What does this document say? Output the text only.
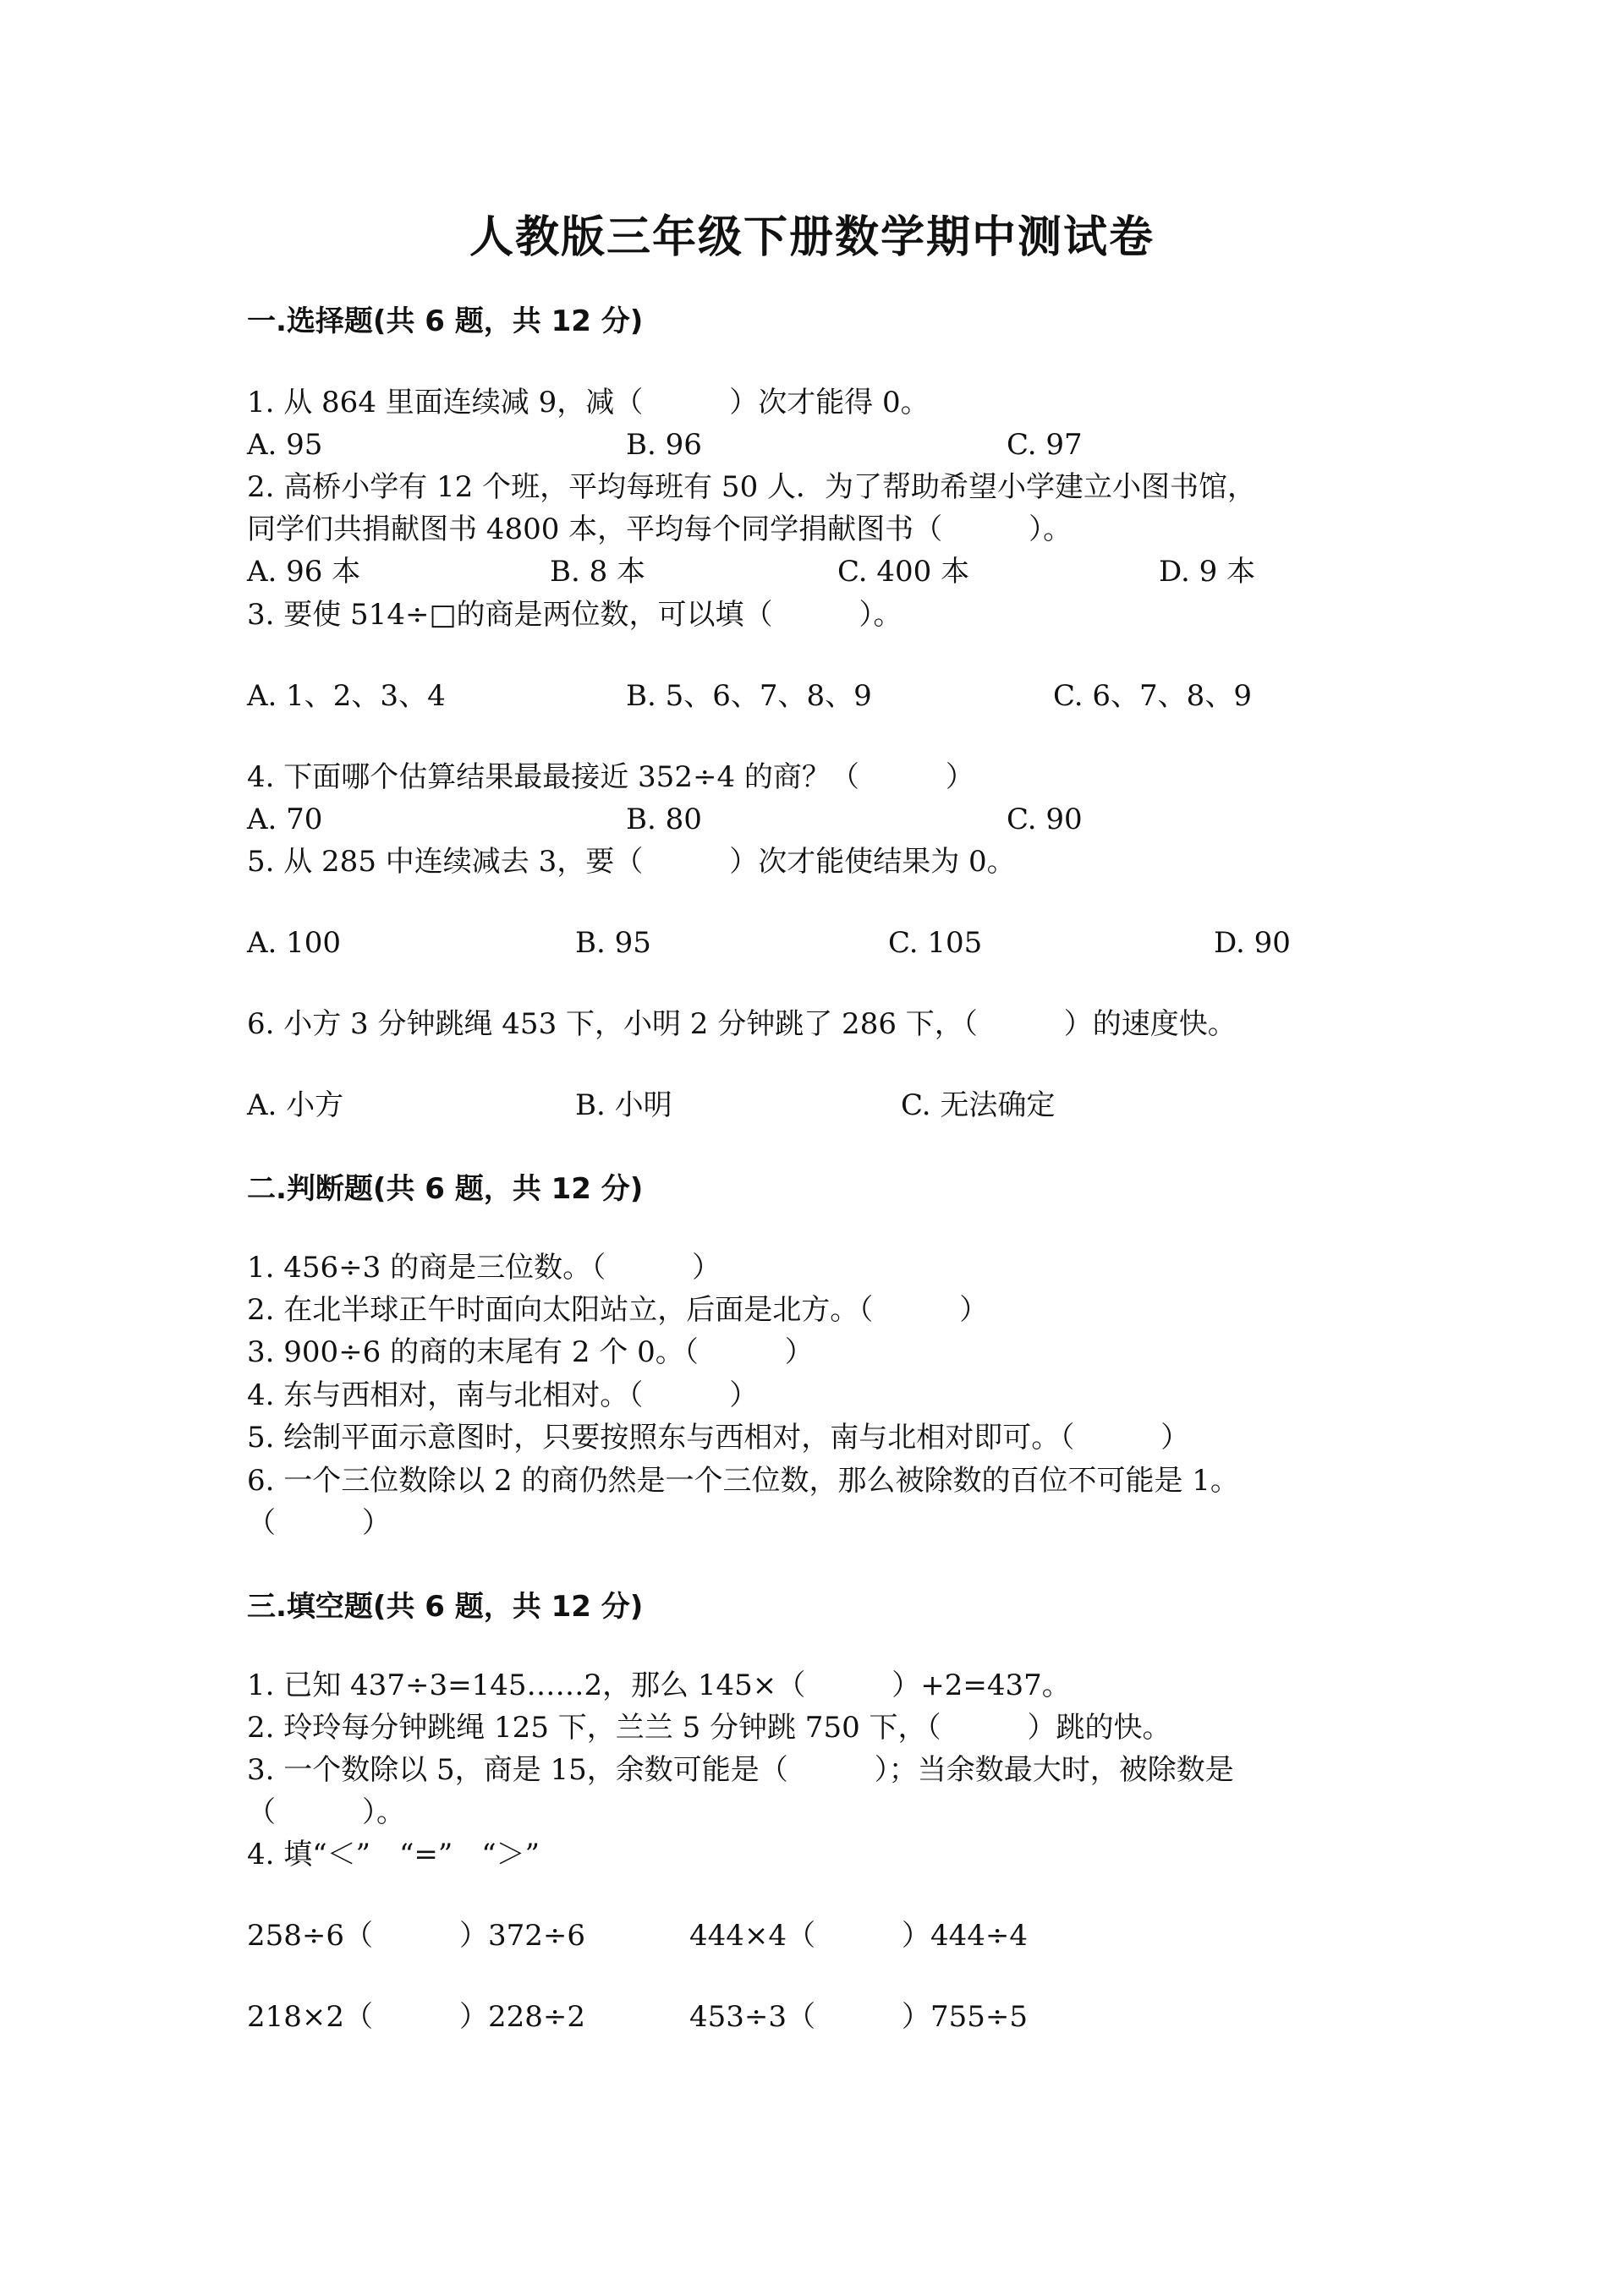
人教版三年级下册数学期中测试卷
一.选择题(共 6 题，共 12 分)
1. 从 864 里面连续减 9，减（　　　）次才能得 0。
A. 95	B. 96	C. 97
2. 高桥小学有 12 个班，平均每班有 50 人．为了帮助希望小学建立小图书馆，
同学们共捐献图书 4800 本，平均每个同学捐献图书（　　　）。
A. 96 本	B. 8 本	C. 400 本	D. 9 本
3. 要使 514÷□的商是两位数，可以填（　　　）。
A. 1、2、3、4	B. 5、6、7、8、9	C. 6、7、8、9
4. 下面哪个估算结果最最接近 352÷4 的商？（　　　）
A. 70	B. 80	C. 90
5. 从 285 中连续减去 3，要（　　　）次才能使结果为 0。
A. 100	B. 95	C. 105	D. 90
6. 小方 3 分钟跳绳 453 下，小明 2 分钟跳了 286 下，（　　　）的速度快。
A. 小方	B. 小明	C. 无法确定
二.判断题(共 6 题，共 12 分)
1. 456÷3 的商是三位数。（　　　）
2. 在北半球正午时面向太阳站立，后面是北方。（　　　）
3. 900÷6 的商的末尾有 2 个 0。（　　　）
4. 东与西相对，南与北相对。（　　　）
5. 绘制平面示意图时，只要按照东与西相对，南与北相对即可。（　　　）
6. 一个三位数除以 2 的商仍然是一个三位数，那么被除数的百位不可能是 1。
（　　　）
三.填空题(共 6 题，共 12 分)
1. 已知 437÷3=145……2，那么 145×（　　　）+2=437。
2. 玲玲每分钟跳绳 125 下，兰兰 5 分钟跳 750 下，（　　　）跳的快。
3. 一个数除以 5，商是 15，余数可能是（　　　）；当余数最大时，被除数是
（　　　）。
4. 填“＜”　“=”　“＞”
258÷6（　　　）372÷6	444×4（　　　）444÷4
218×2（　　　）228÷2	453÷3（　　　）755÷5
